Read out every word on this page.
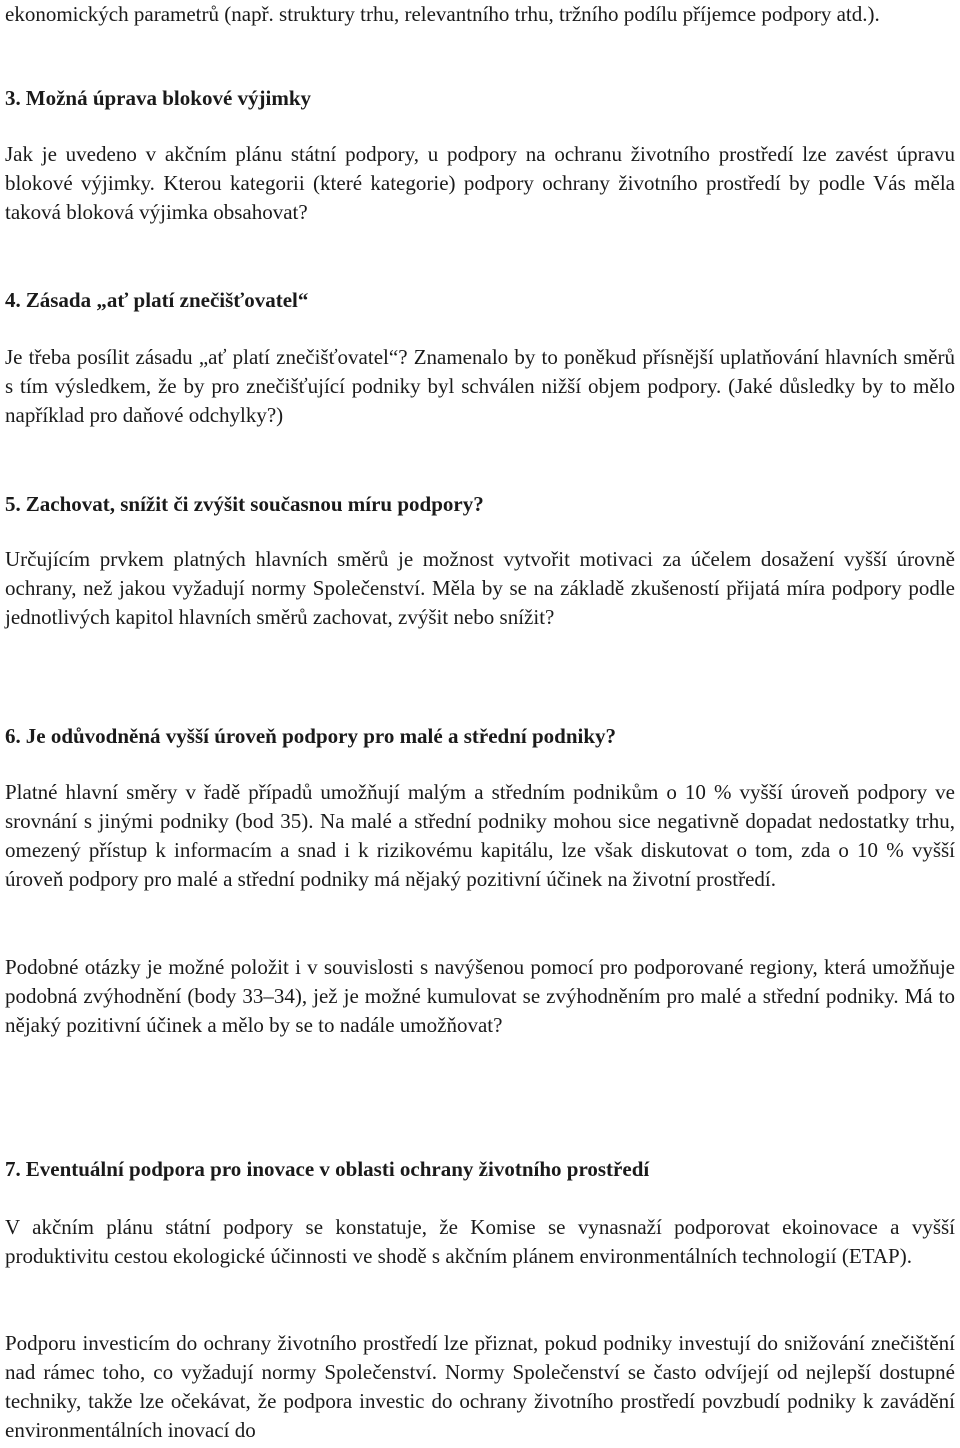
ekonomických parametrů (např. struktury trhu, relevantního trhu, tržního podílu příjemce podpory atd.).

3. Možná úprava blokové výjimky

Jak je uvedeno v akčním plánu státní podpory, u podpory na ochranu životního prostředí lze zavést úpravu blokové výjimky. Kterou kategorii (které kategorie) podpory ochrany životního prostředí by podle Vás měla taková bloková výjimka obsahovat?

4. Zásada „ať platí znečišťovatel“

Je třeba posílit zásadu „ať platí znečišťovatel“? Znamenalo by to poněkud přísnější uplatňování hlavních směrů s tím výsledkem, že by pro znečišťující podniky byl schválen nižší objem podpory. (Jaké důsledky by to mělo například pro daňové odchylky?)

5. Zachovat, snížit či zvýšit současnou míru podpory?

Určujícím prvkem platných hlavních směrů je možnost vytvořit motivaci za účelem dosažení vyšší úrovně ochrany, než jakou vyžadují normy Společenství. Měla by se na základě zkušeností přijatá míra podpory podle jednotlivých kapitol hlavních směrů zachovat, zvýšit nebo snížit?

6. Je odůvodněná vyšší úroveň podpory pro malé a střední podniky?

Platné hlavní směry v řadě případů umožňují malým a středním podnikům o 10 % vyšší úroveň podpory ve srovnání s jinými podniky (bod 35). Na malé a střední podniky mohou sice negativně dopadat nedostatky trhu, omezený přístup k informacím a snad i k rizikovému kapitálu, lze však diskutovat o tom, zda o 10 % vyšší úroveň podpory pro malé a střední podniky má nějaký pozitivní účinek na životní prostředí.

Podobné otázky je možné položit i v souvislosti s navýšenou pomocí pro podporované regiony, která umožňuje podobná zvýhodnění (body 33–34), jež je možné kumulovat se zvýhodněním pro malé a střední podniky. Má to nějaký pozitivní účinek a mělo by se to nadále umožňovat?

7. Eventuální podpora pro inovace v oblasti ochrany životního prostředí

V akčním plánu státní podpory se konstatuje, že Komise se vynasnaží podporovat ekoinovace a vyšší produktivitu cestou ekologické účinnosti ve shodě s akčním plánem environmentálních technologií (ETAP).

Podporu investicím do ochrany životního prostředí lze přiznat, pokud podniky investují do snižování znečištění nad rámec toho, co vyžadují normy Společenství. Normy Společenství se často odvíjejí od nejlepší dostupné techniky, takže lze očekávat, že podpora investic do ochrany životního prostředí povzbudí podniky k zavádění environmentálních inovací do
